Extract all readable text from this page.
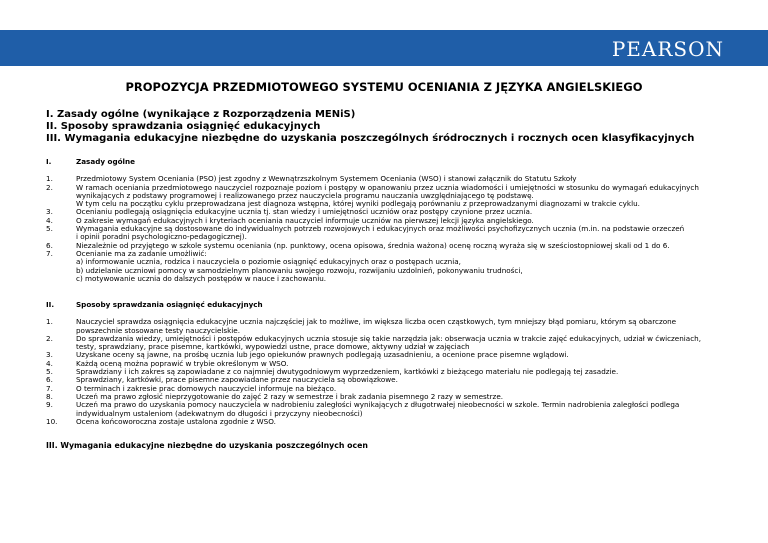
PEARSON
PROPOZYCJA PRZEDMIOTOWEGO SYSTEMU OCENIANIA Z JĘZYKA ANGIELSKIEGO
I. Zasady ogólne (wynikające z Rozporządzenia MENiS)
II. Sposoby sprawdzania osiągnięć edukacyjnych
III. Wymagania edukacyjne niezbędne do uzyskania poszczególnych śródrocznych i rocznych ocen klasyfikacyjnych
I.	Zasady ogólne
1.	Przedmiotowy System Oceniania (PSO) jest zgodny z Wewnątrzszkolnym Systemem Oceniania (WSO) i stanowi załącznik do Statutu Szkoły
2.	W ramach oceniania przedmiotowego nauczyciel rozpoznaje poziom i postępy w opanowaniu przez ucznia wiadomości i umiejętności w stosunku do wymagań edukacyjnych
wynikających z podstawy programowej i realizowanego przez nauczyciela programu nauczania uwzględniającego tę podstawę.
W tym celu na początku cyklu przeprowadzana jest diagnoza wstępna, której wyniki podlegają porównaniu z przeprowadzanymi diagnozami w trakcie cyklu.
3.	Ocenianiu podlegają osiągnięcia edukacyjne ucznia tj. stan wiedzy i umiejętności uczniów oraz postępy czynione przez ucznia.
4.	O zakresie wymagań edukacyjnych i kryteriach oceniania nauczyciel informuje uczniów na pierwszej lekcji języka angielskiego.
5.	Wymagania edukacyjne są dostosowane do indywidualnych potrzeb rozwojowych i edukacyjnych oraz możliwości psychofizycznych ucznia (m.in. na podstawie orzeczeń
i opinii poradni psychologiczno-pedagogicznej).
6.	Niezależnie od przyjętego w szkole systemu oceniania (np. punktowy, ocena opisowa, średnia ważona) ocenę roczną wyraża się w sześciostopniowej skali od 1 do 6.
7.	Ocenianie ma za zadanie umożliwić:
a) informowanie ucznia, rodzica i nauczyciela o poziomie osiągnięć edukacyjnych oraz o postępach ucznia,
b) udzielanie uczniowi pomocy w samodzielnym planowaniu swojego rozwoju, rozwijaniu uzdolnień, pokonywaniu trudności,
c) motywowanie ucznia do dalszych postępów w nauce i zachowaniu.
II.	Sposoby sprawdzania osiągnięć edukacyjnych
1.	Nauczyciel sprawdza osiągnięcia edukacyjne ucznia najczęściej jak to możliwe, im większa liczba ocen cząstkowych, tym mniejszy błąd pomiaru, którym są obarczone
powszechnie stosowane testy nauczycielskie.
2.	Do sprawdzania wiedzy, umiejętności i postępów edukacyjnych ucznia stosuje się takie narzędzia jak: obserwacja ucznia w trakcie zajęć edukacyjnych, udział w ćwiczeniach,
testy, sprawdziany, prace pisemne, kartkówki, wypowiedzi ustne, prace domowe, aktywny udział w zajęciach
3.	Uzyskane oceny są jawne, na prośbę ucznia lub jego opiekunów prawnych podlegają uzasadnieniu, a ocenione prace pisemne wglądowi.
4.	Każdą oceną można poprawić w trybie określonym w WSO.
5.	Sprawdziany i ich zakres są zapowiadane z co najmniej dwutygodniowym wyprzedzeniem, kartkówki z bieżącego materiału nie podlegają tej zasadzie.
6.	Sprawdziany, kartkówki, prace pisemne zapowiadane przez nauczyciela są obowiązkowe.
7.	O terminach i zakresie prac domowych nauczyciel informuje na bieżąco.
8.	Uczeń ma prawo zgłosić nieprzygotowanie do zajęć 2 razy w semestrze i brak zadania pisemnego 2 razy w semestrze.
9.	Uczeń ma prawo do uzyskania pomocy nauczyciela w nadrobieniu zaległości wynikających z długotrwałej nieobecności w szkole. Termin nadrobienia zaległości podlega
indywidualnym ustaleniom (adekwatnym do długości i przyczyny nieobecności)
10.	Ocena końcoworoczna zostaje ustalona zgodnie z WSO.
III. Wymagania edukacyjne niezbędne do uzyskania poszczególnych ocen
